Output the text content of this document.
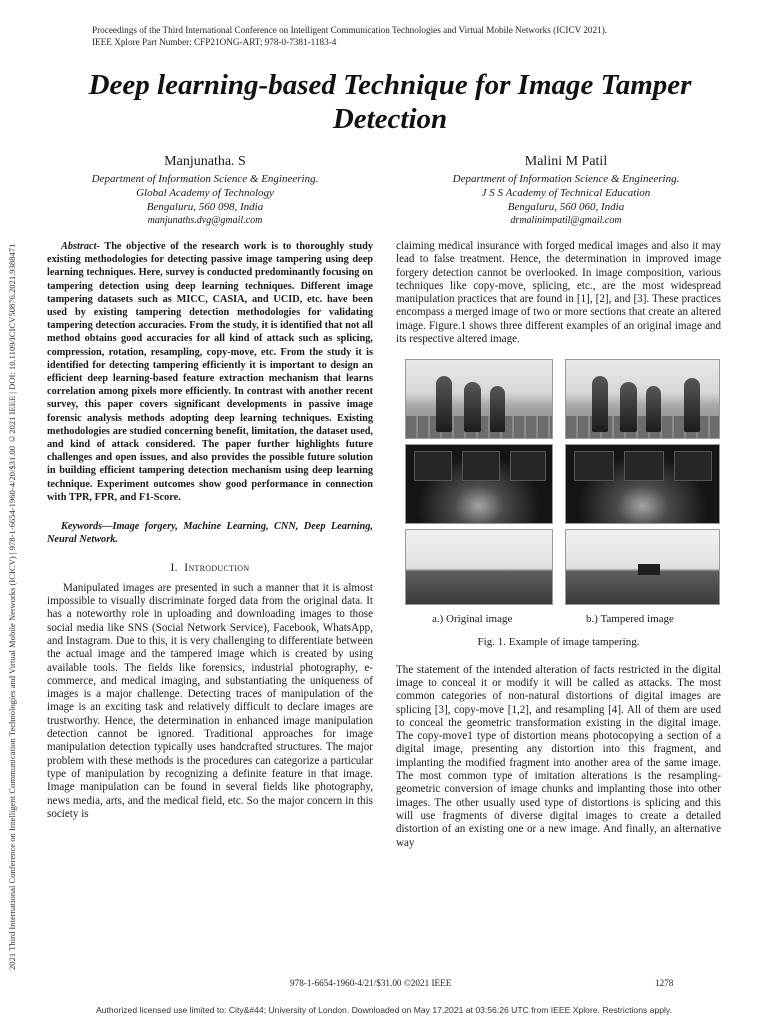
2021 Third International Conference on Intelligent Communication Technologies and Virtual Mobile Networks (ICICV) | 978-1-6654-1960-4/20/$31.00 ©2021 IEEE | DOI: 10.1109/ICICV50876.2021.9388471
Proceedings of the Third International Conference on Intelligent Communication Technologies and Virtual Mobile Networks (ICICV 2021).
IEEE Xplore Part Number: CFP21ONG-ART; 978-0-7381-1183-4
Deep learning-based Technique for Image Tamper Detection
Manjunatha. S
Department of Information Science & Engineering.
Global Academy of Technology
Bengaluru, 560 098, India
manjunaths.dvg@gmail.com
Malini M Patil
Department of Information Science & Engineering.
J S S Academy of Technical Education
Bengaluru, 560 060, India
drmalinimpatil@gmail.com

Abstract- The objective of the research work is to thoroughly study existing methodologies for detecting passive image tampering using deep learning techniques. Here, survey is conducted predominantly focusing on tampering detection using deep learning techniques. Different image tampering datasets such as MICC, CASIA, and UCID, etc. have been used by existing tampering detection methodologies for validating tampering detection accuracies. From the study, it is identified that not all method obtains good accuracies for all kind of attack such as splicing, compression, rotation, resampling, copy-move, etc. From the study it is identified for detecting tampering efficiently it is important to design an efficient deep learning-based feature extraction mechanism that learns correlation among pixels more efficiently. In contrast with another recent survey, this paper covers significant developments in passive image forensic analysis methods adopting deep learning techniques. Existing methodologies are studied concerning benefit, limitation, the dataset used, and kind of attack considered. The paper further highlights future challenges and open issues, and also provides the possible future solution in building efficient tampering detection mechanism using deep learning technique. Experiment outcomes show good performance in connection with TPR, FPR, and F1-Score.

Keywords—Image forgery, Machine Learning, CNN, Deep Learning, Neural Network.

I. Introduction

Manipulated images are presented in such a manner that it is almost impossible to visually discriminate forged data from the original data. It has a noteworthy role in uploading and downloading images to those social media like SNS (Social Network Service), Facebook, WhatsApp, and Instagram. Due to this, it is very challenging to differentiate between the actual image and the tampered image which is created by using available tools. The fields like forensics, industrial photography, e-commerce, and medical imaging, and substantiating the uniqueness of images is a major challenge. Detecting traces of manipulation of the image is an exciting task and relatively difficult to declare images are trustworthy. Hence, the determination in enhanced image manipulation detection cannot be ignored. Traditional approaches for image manipulation detection typically uses handcrafted structures. The major problem with these methods is the procedures can categorize a particular type of manipulation by recognizing a definite feature in that image. Image manipulation can be found in several fields like photography, news media, arts, and the medical field, etc. So the major concern in this society is

claiming medical insurance with forged medical images and also it may lead to false treatment. Hence, the determination in improved image forgery detection cannot be overlooked. In image composition, various techniques like copy-move, splicing, etc., are the most widespread manipulation practices that are found in [1], [2], and [3]. These practices encompass a merged image of two or more sections that create an altered image. Figure.1 shows three different examples of an original image and its respective altered image.

a.) Original image	b.) Tampered image
Fig. 1. Example of image tampering.

The statement of the intended alteration of facts restricted in the digital image to conceal it or modify it will be called as attacks. The most common categories of non-natural distortions of digital images are splicing [3], copy-move [1,2], and resampling [4]. All of them are used to conceal the geometric transformation existing in the digital image. The copy-move1 type of distortion means photocopying a section of a digital image, presenting any distortion into this fragment, and implanting the modified fragment into another area of the same image. The most common type of imitation alterations is the resampling-geometric conversion of image chunks and implanting those into other images. The other usually used type of distortions is splicing and this will use fragments of diverse digital images to create a detailed distortion of an existing one or a new image. And finally, an alternative way

978-1-6654-1960-4/21/$31.00 ©2021 IEEE	1278
Authorized licensed use limited to: City&#44; University of London. Downloaded on May 17,2021 at 03:56:26 UTC from IEEE Xplore. Restrictions apply.
